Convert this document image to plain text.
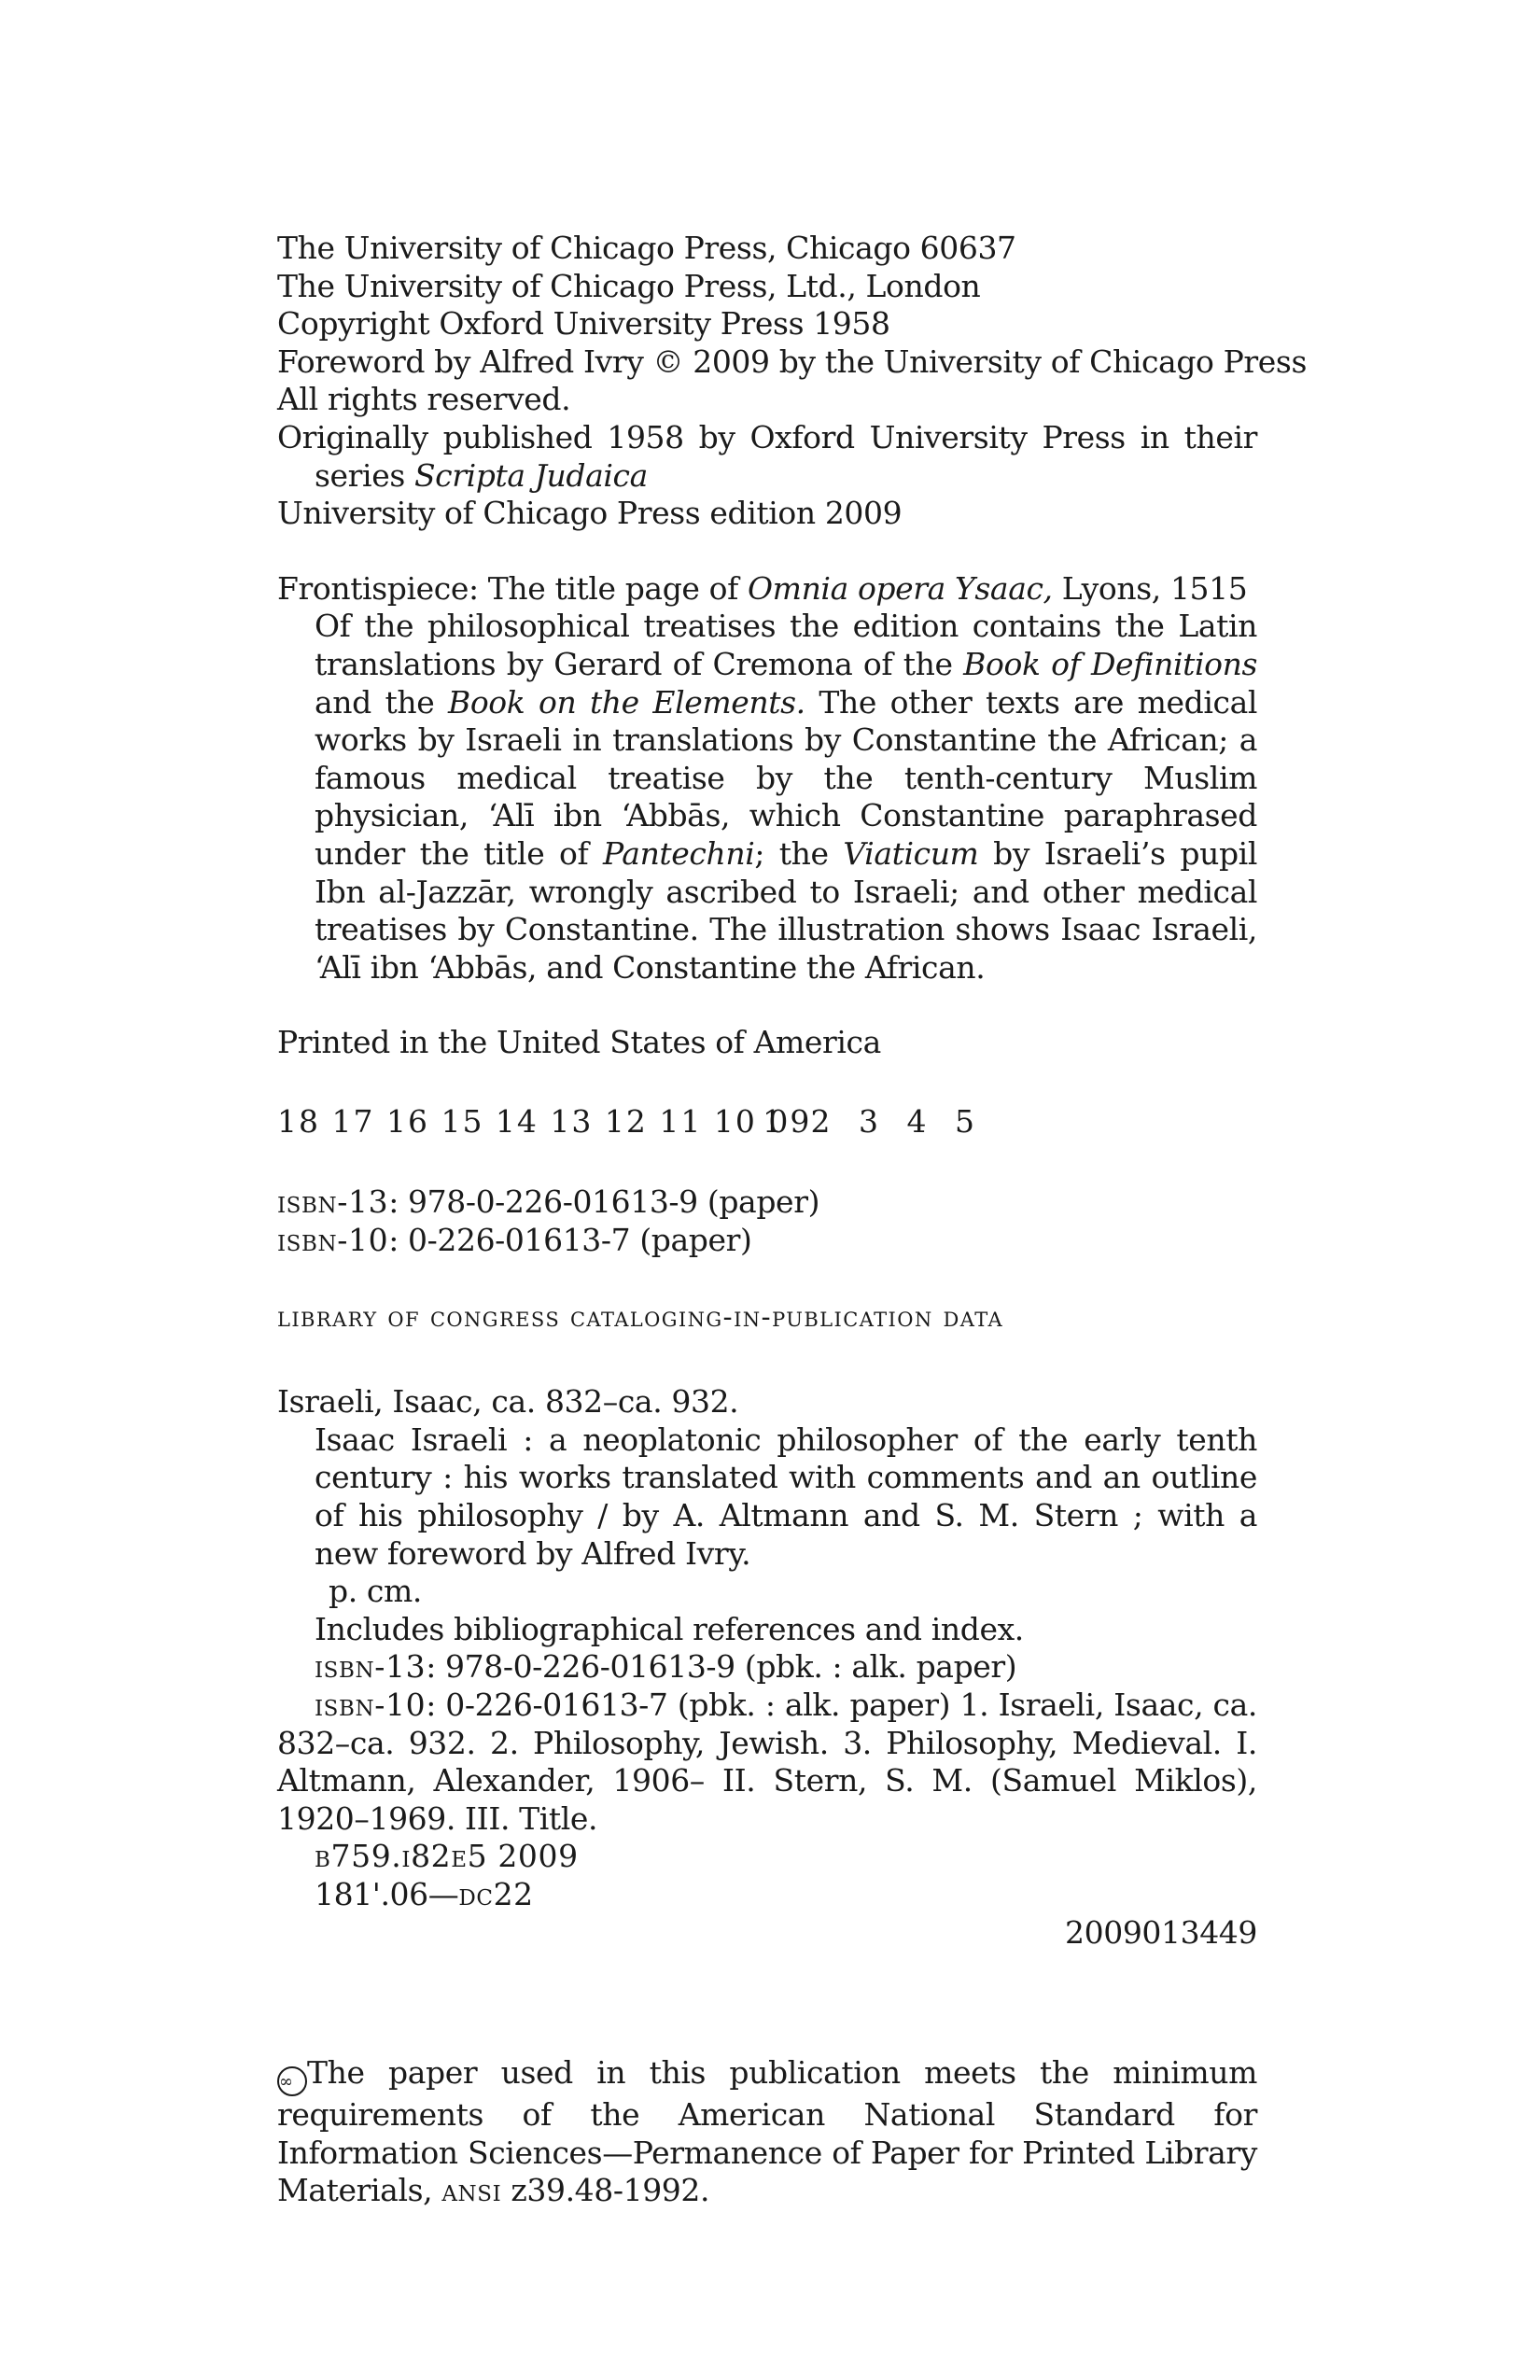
The University of Chicago Press, Chicago 60637
The University of Chicago Press, Ltd., London
Copyright Oxford University Press 1958
Foreword by Alfred Ivry © 2009 by the University of Chicago Press
All rights reserved.
Originally published 1958 by Oxford University Press in their series Scripta Judaica
University of Chicago Press edition 2009
Frontispiece: The title page of Omnia opera Ysaac, Lyons, 1515
Of the philosophical treatises the edition contains the Latin translations by Gerard of Cremona of the Book of Definitions and the Book on the Elements. The other texts are medical works by Israeli in translations by Constantine the African; a famous medical treatise by the tenth-century Muslim physician, ‘Alī ibn ‘Abbās, which Constantine paraphrased under the title of Pantechni; the Viaticum by Israeli’s pupil Ibn al-Jazzār, wrongly ascribed to Israeli; and other medical treatises by Constantine. The illustration shows Isaac Israeli, ‘Alī ibn ‘Abbās, and Constantine the African.
Printed in the United States of America
18 17 16 15 14 13 12 11 10 09
1 2 3 4 5
isbn-13: 978-0-226-01613-9 (paper)
isbn-10: 0-226-01613-7 (paper)
library of congress cataloging-in-publication data
Israeli, Isaac, ca. 832–ca. 932.
Isaac Israeli : a neoplatonic philosopher of the early tenth century : his works translated with comments and an outline of his philosophy / by A. Altmann and S. M. Stern ; with a new foreword by Alfred Ivry.
p. cm.
Includes bibliographical references and index.
isbn-13: 978-0-226-01613-9 (pbk. : alk. paper)
isbn-10: 0-226-01613-7 (pbk. : alk. paper) 1. Israeli, Isaac, ca. 832–ca. 932. 2. Philosophy, Jewish. 3. Philosophy, Medieval. I. Altmann, Alexander, 1906– II. Stern, S. M. (Samuel Miklos), 1920–1969. III. Title.
b759.i82e5 2009
181'.06—dc22
2009013449
∞ The paper used in this publication meets the minimum requirements of the American National Standard for Information Sciences—Permanence of Paper for Printed Library Materials, ansi z39.48-1992.
